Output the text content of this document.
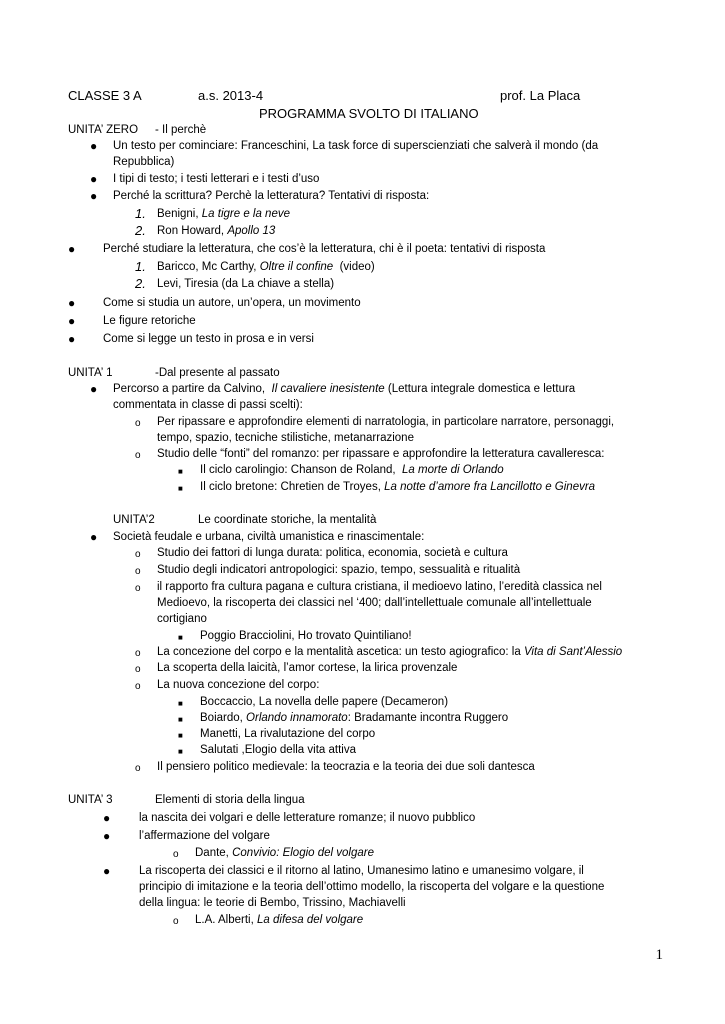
CLASSE 3 A	a.s. 2013-4	prof. La Placa
PROGRAMMA SVOLTO DI ITALIANO
UNITA’ ZERO - Il perchè
● Un testo per cominciare: Franceschini, La task force di superscienziati che salverà il mondo (da
Repubblica)
● I tipi di testo; i testi letterari e i testi d’uso
● Perché la scrittura? Perchè la letteratura? Tentativi di risposta:
1. Benigni, La tigre e la neve
2. Ron Howard, Apollo 13
● Perché studiare la letteratura, che cos’è la letteratura, chi è il poeta: tentativi di risposta
1. Baricco, Mc Carthy, Oltre il confine (video)
2. Levi, Tiresia (da La chiave a stella)
● Come si studia un autore, un’opera, un movimento
● Le figure retoriche
● Come si legge un testo in prosa e in versi
UNITA’ 1	-Dal presente al passato
● Percorso a partire da Calvino, Il cavaliere inesistente (Lettura integrale domestica e lettura
commentata in classe di passi scelti):
o Per ripassare e approfondire elementi di narratologia, in particolare narratore, personaggi,
tempo, spazio, tecniche stilistiche, metanarrazione
o Studio delle “fonti” del romanzo: per ripassare e approfondire la letteratura cavalleresca:
■ Il ciclo carolingio: Chanson de Roland, La morte di Orlando
■ Il ciclo bretone: Chretien de Troyes, La notte d’amore fra Lancillotto e Ginevra
UNITA’2	Le coordinate storiche, la mentalità
● Società feudale e urbana, civiltà umanistica e rinascimentale:
o Studio dei fattori di lunga durata: politica, economia, società e cultura
o Studio degli indicatori antropologici: spazio, tempo, sessualità e ritualità
o il rapporto fra cultura pagana e cultura cristiana, il medioevo latino, l’eredità classica nel
Medioevo, la riscoperta dei classici nel ‘400; dall’intellettuale comunale all’intellettuale
cortigiano
■ Poggio Bracciolini, Ho trovato Quintiliano!
o La concezione del corpo e la mentalità ascetica: un testo agiografico: la Vita di Sant’Alessio
o La scoperta della laicità, l’amor cortese, la lirica provenzale
o La nuova concezione del corpo:
■ Boccaccio, La novella delle papere (Decameron)
■ Boiardo, Orlando innamorato: Bradamante incontra Ruggero
■ Manetti, La rivalutazione del corpo
■ Salutati ,Elogio della vita attiva
o Il pensiero politico medievale: la teocrazia e la teoria dei due soli dantesca
UNITA’ 3	Elementi di storia della lingua
●	la nascita dei volgari e delle letterature romanze; il nuovo pubblico
●	l’affermazione del volgare
o Dante, Convivio: Elogio del volgare
●	La riscoperta dei classici e il ritorno al latino, Umanesimo latino e umanesimo volgare, il
principio di imitazione e la teoria dell’ottimo modello, la riscoperta del volgare e la questione
della lingua: le teorie di Bembo, Trissino, Machiavelli
o L.A. Alberti, La difesa del volgare
1
